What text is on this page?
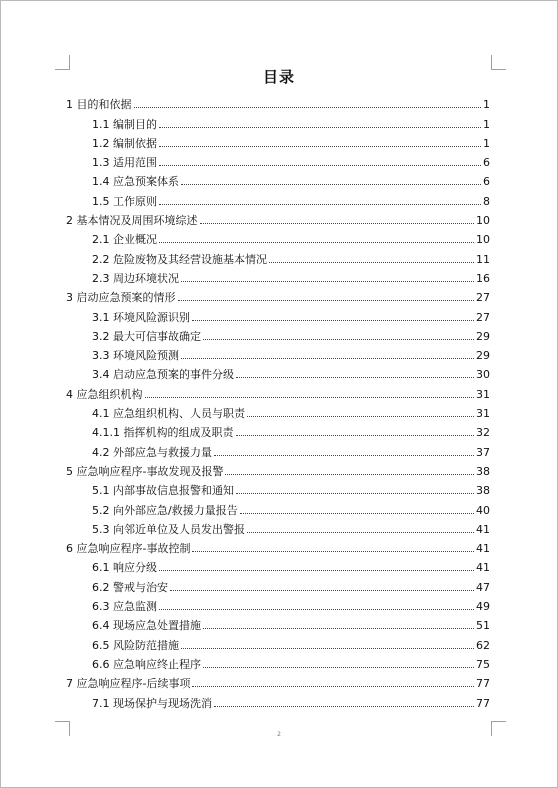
目录
1 目的和依据	1
1.1 编制目的	1
1.2 编制依据	1
1.3 适用范围	6
1.4 应急预案体系	6
1.5 工作原则	8
2 基本情况及周围环境综述	10
2.1 企业概况	10
2.2 危险废物及其经营设施基本情况	11
2.3 周边环境状况	16
3 启动应急预案的情形	27
3.1 环境风险源识别	27
3.2 最大可信事故确定	29
3.3 环境风险预测	29
3.4 启动应急预案的事件分级	30
4 应急组织机构	31
4.1 应急组织机构、人员与职责	31
4.1.1 指挥机构的组成及职责	32
4.2 外部应急与救援力量	37
5 应急响应程序-事故发现及报警	38
5.1 内部事故信息报警和通知	38
5.2 向外部应急/救援力量报告	40
5.3 向邻近单位及人员发出警报	41
6 应急响应程序-事故控制	41
6.1 响应分级	41
6.2 警戒与治安	47
6.3 应急监测	49
6.4 现场应急处置措施	51
6.5 风险防范措施	62
6.6 应急响应终止程序	75
7 应急响应程序-后续事项	77
7.1 现场保护与现场洗消	77
2
